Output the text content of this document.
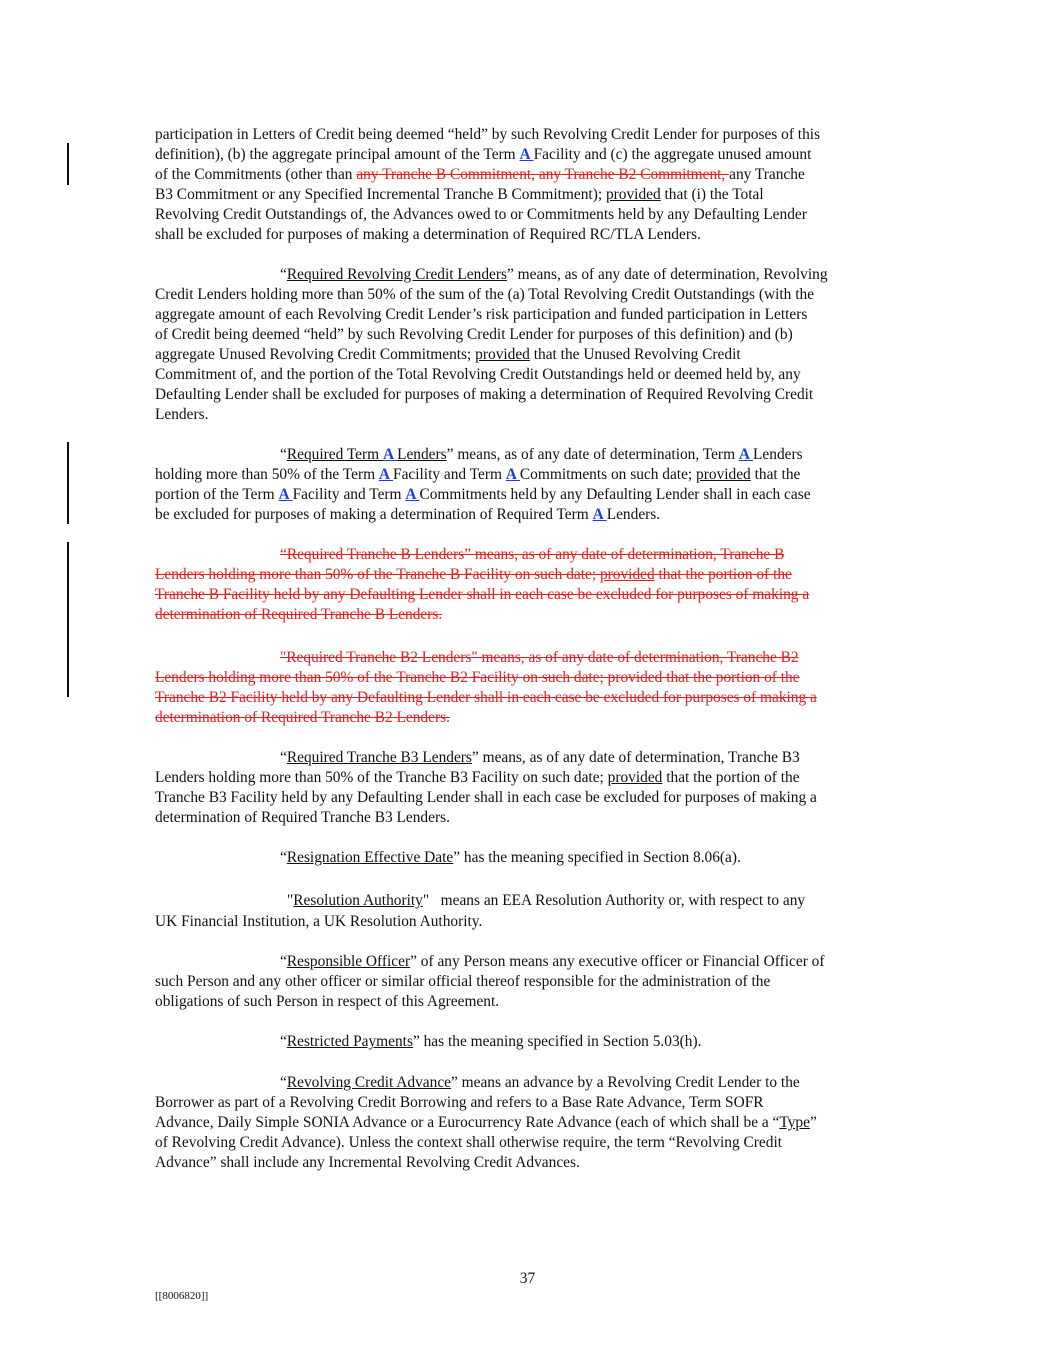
participation in Letters of Credit being deemed “held” by such Revolving Credit Lender for purposes of this
definition), (b) the aggregate principal amount of the Term A Facility and (c) the aggregate unused amount
of the Commitments (other than any Tranche B Commitment, any Tranche B2 Commitment, any Tranche
B3 Commitment or any Specified Incremental Tranche B Commitment); provided that (i) the Total
Revolving Credit Outstandings of, the Advances owed to or Commitments held by any Defaulting Lender
shall be excluded for purposes of making a determination of Required RC/TLA Lenders.
“Required Revolving Credit Lenders” means, as of any date of determination, Revolving
Credit Lenders holding more than 50% of the sum of the (a) Total Revolving Credit Outstandings (with the
aggregate amount of each Revolving Credit Lender’s risk participation and funded participation in Letters
of Credit being deemed “held” by such Revolving Credit Lender for purposes of this definition) and (b)
aggregate Unused Revolving Credit Commitments; provided that the Unused Revolving Credit
Commitment of, and the portion of the Total Revolving Credit Outstandings held or deemed held by, any
Defaulting Lender shall be excluded for purposes of making a determination of Required Revolving Credit
Lenders.
“Required Term A Lenders” means, as of any date of determination, Term A Lenders
holding more than 50% of the Term A Facility and Term A Commitments on such date; provided that the
portion of the Term A Facility and Term A Commitments held by any Defaulting Lender shall in each case
be excluded for purposes of making a determination of Required Term A Lenders.
“Required Tranche B Lenders” means, as of any date of determination, Tranche B
Lenders holding more than 50% of the Tranche B Facility on such date; provided that the portion of the
Tranche B Facility held by any Defaulting Lender shall in each case be excluded for purposes of making a
determination of Required Tranche B Lenders.
"Required Tranche B2 Lenders" means, as of any date of determination, Tranche B2
Lenders holding more than 50% of the Tranche B2 Facility on such date; provided that the portion of the
Tranche B2 Facility held by any Defaulting Lender shall in each case be excluded for purposes of making a
determination of Required Tranche B2 Lenders.
“Required Tranche B3 Lenders” means, as of any date of determination, Tranche B3
Lenders holding more than 50% of the Tranche B3 Facility on such date; provided that the portion of the
Tranche B3 Facility held by any Defaulting Lender shall in each case be excluded for purposes of making a
determination of Required Tranche B3 Lenders.
“Resignation Effective Date” has the meaning specified in Section 8.06(a).
"Resolution Authority"   means an EEA Resolution Authority or, with respect to any
UK Financial Institution, a UK Resolution Authority.
“Responsible Officer” of any Person means any executive officer or Financial Officer of
such Person and any other officer or similar official thereof responsible for the administration of the
obligations of such Person in respect of this Agreement.
“Restricted Payments” has the meaning specified in Section 5.03(h).
“Revolving Credit Advance” means an advance by a Revolving Credit Lender to the
Borrower as part of a Revolving Credit Borrowing and refers to a Base Rate Advance, Term SOFR
Advance, Daily Simple SONIA Advance or a Eurocurrency Rate Advance (each of which shall be a “Type”
of Revolving Credit Advance). Unless the context shall otherwise require, the term “Revolving Credit
Advance” shall include any Incremental Revolving Credit Advances.
37
[[8006820]]
